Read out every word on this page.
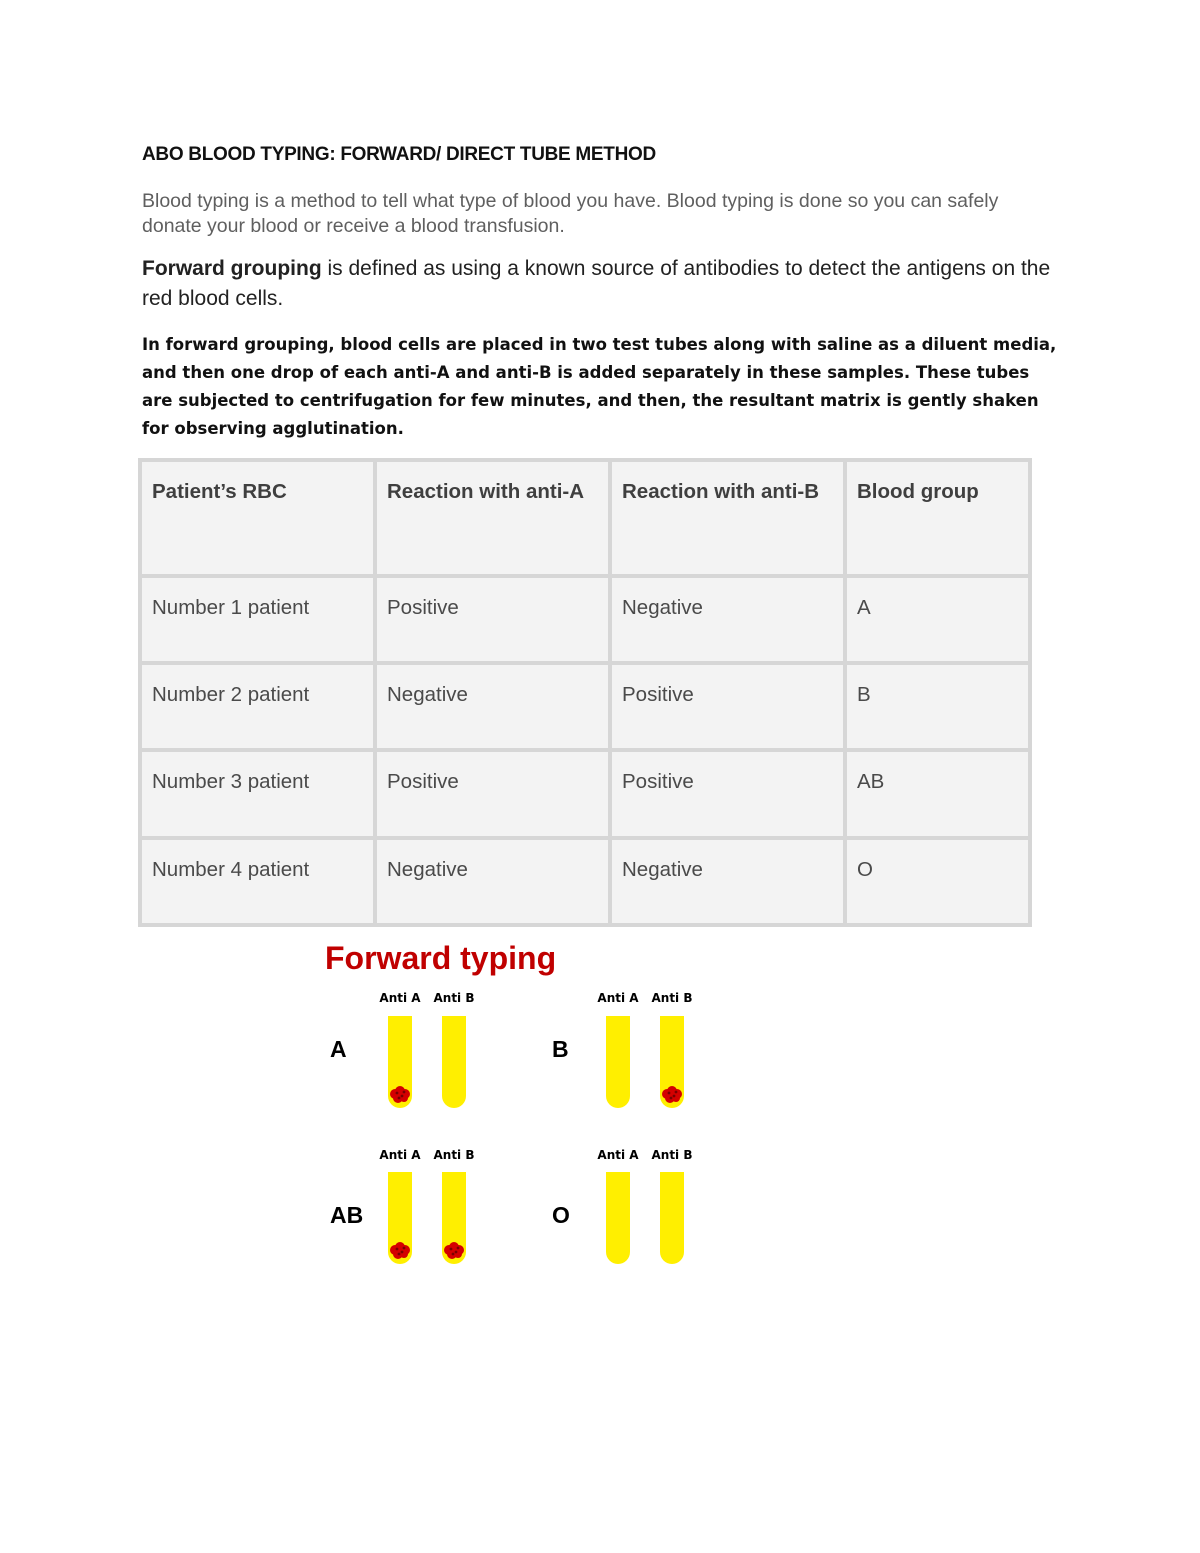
ABO BLOOD TYPING: FORWARD/ DIRECT TUBE METHOD

Blood typing is a method to tell what type of blood you have. Blood typing is done so you can safely donate your blood or receive a blood transfusion.

Forward grouping is defined as using a known source of antibodies to detect the antigens on the red blood cells.

In forward grouping, blood cells are placed in two test tubes along with saline as a diluent media, and then one drop of each anti-A and anti-B is added separately in these samples. These tubes are subjected to centrifugation for few minutes, and then, the resultant matrix is gently shaken for observing agglutination.

Patient’s RBC	Reaction with anti-A	Reaction with anti-B	Blood group
Number 1 patient	Positive	Negative	A
Number 2 patient	Negative	Positive	B
Number 3 patient	Positive	Positive	AB
Number 4 patient	Negative	Negative	O
Forward typing
A
Anti A Anti B
B
Anti A Anti B
AB
Anti A Anti B
O
Anti A Anti B
